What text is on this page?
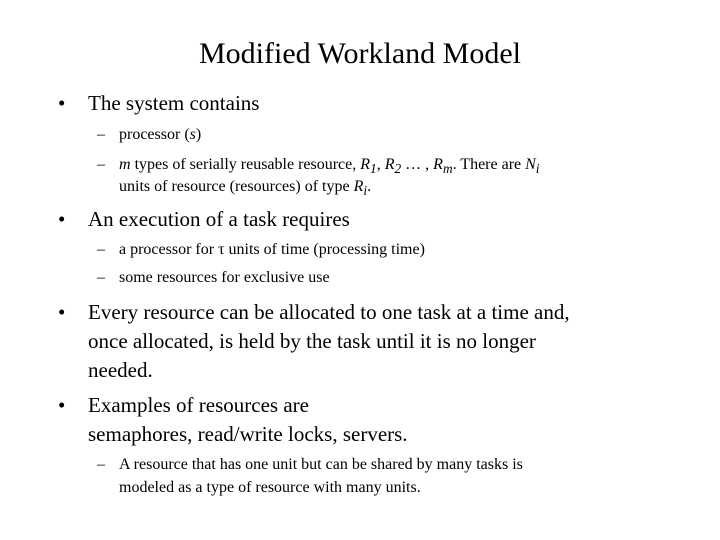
Modified Workland Model
• The system contains
– processor (s)
– m types of serially reusable resource, $R_1$, $R_2$ … , $R_m$. There are $N_i$
units of resource (resources) of type $R_i$.
• An execution of a task requires
– a processor for τ units of time (processing time)
– some resources for exclusive use
• Every resource can be allocated to one task at a time and,
once allocated, is held by the task until it is no longer
needed.
• Examples of resources are
semaphores, read/write locks, servers.
– A resource that has one unit but can be shared by many tasks is
modeled as a type of resource with many units.
